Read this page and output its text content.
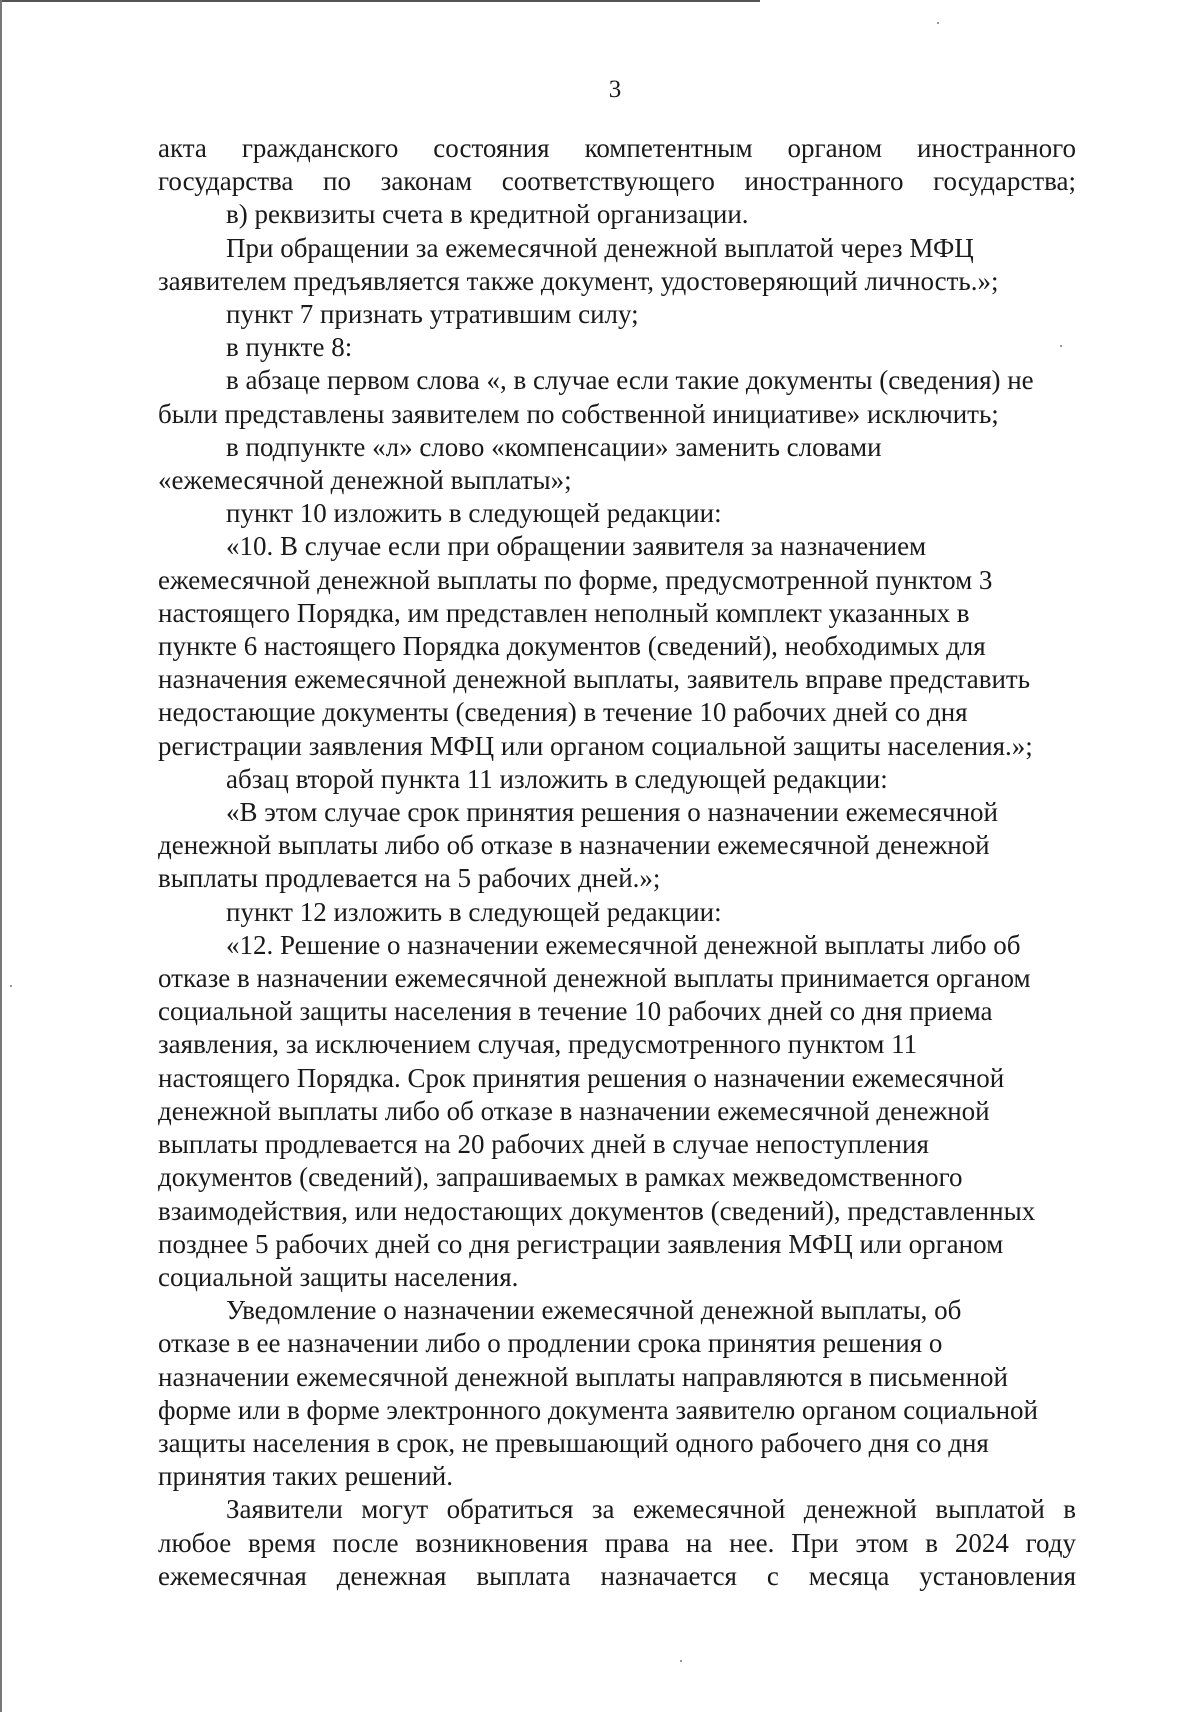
3

акта гражданского состояния компетентным органом иностранного
государства по законам соответствующего иностранного государства;

в) реквизиты счета в кредитной организации.

При обращении за ежемесячной денежной выплатой через МФЦ
заявителем предъявляется также документ, удостоверяющий личность.»;

пункт 7 признать утратившим силу;

в пункте 8:

в абзаце первом слова «, в случае если такие документы (сведения) не
были представлены заявителем по собственной инициативе» исключить;

в подпункте «л» слово «компенсации» заменить словами
«ежемесячной денежной выплаты»;

пункт 10 изложить в следующей редакции:

«10. В случае если при обращении заявителя за назначением
ежемесячной денежной выплаты по форме, предусмотренной пунктом 3
настоящего Порядка, им представлен неполный комплект указанных в
пункте 6 настоящего Порядка документов (сведений), необходимых для
назначения ежемесячной денежной выплаты, заявитель вправе представить
недостающие документы (сведения) в течение 10 рабочих дней со дня
регистрации заявления МФЦ или органом социальной защиты населения.»;

абзац второй пункта 11 изложить в следующей редакции:

«В этом случае срок принятия решения о назначении ежемесячной
денежной выплаты либо об отказе в назначении ежемесячной денежной
выплаты продлевается на 5 рабочих дней.»;

пункт 12 изложить в следующей редакции:

«12. Решение о назначении ежемесячной денежной выплаты либо об
отказе в назначении ежемесячной денежной выплаты принимается органом
социальной защиты населения в течение 10 рабочих дней со дня приема
заявления, за исключением случая, предусмотренного пунктом 11
настоящего Порядка. Срок принятия решения о назначении ежемесячной
денежной выплаты либо об отказе в назначении ежемесячной денежной
выплаты продлевается на 20 рабочих дней в случае непоступления
документов (сведений), запрашиваемых в рамках межведомственного
взаимодействия, или недостающих документов (сведений), представленных
позднее 5 рабочих дней со дня регистрации заявления МФЦ или органом
социальной защиты населения.

Уведомление о назначении ежемесячной денежной выплаты, об
отказе в ее назначении либо о продлении срока принятия решения о
назначении ежемесячной денежной выплаты направляются в письменной
форме или в форме электронного документа заявителю органом социальной
защиты населения в срок, не превышающий одного рабочего дня со дня
принятия таких решений.

Заявители могут обратиться за ежемесячной денежной выплатой в
любое время после возникновения права на нее. При этом в 2024 году
ежемесячная денежная выплата назначается с месяца установления
